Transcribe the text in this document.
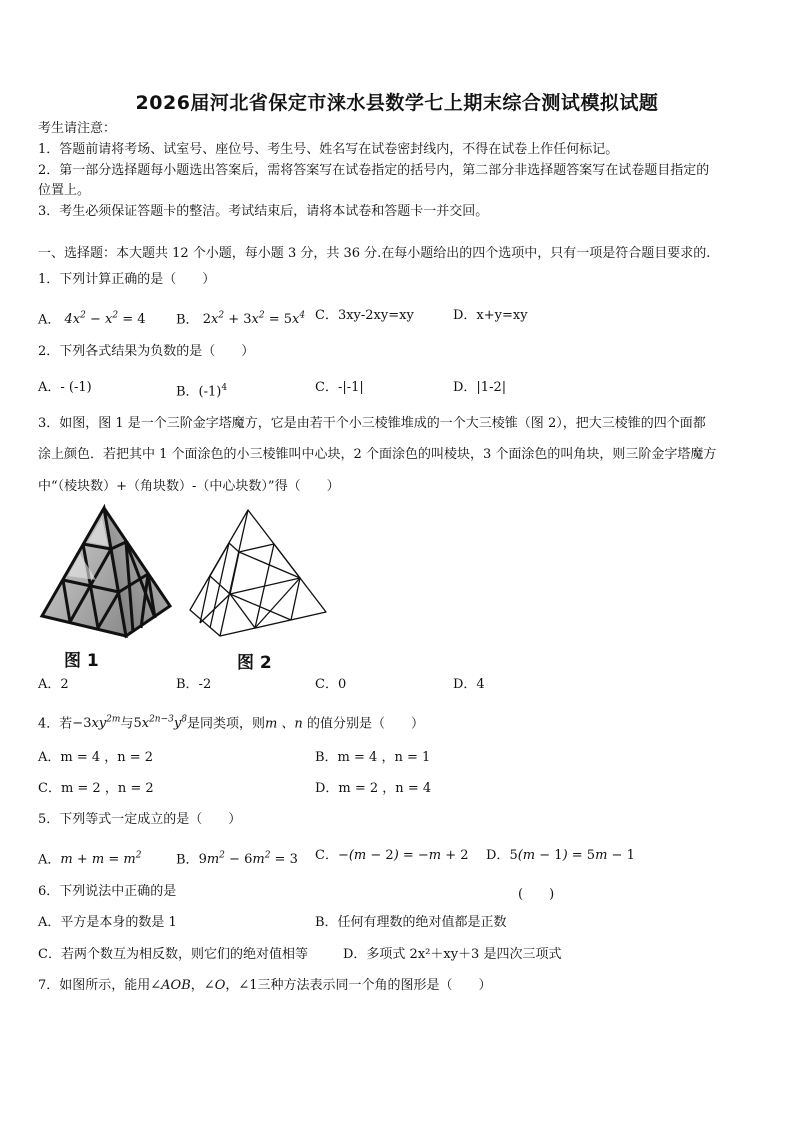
2026届河北省保定市涞水县数学七上期末综合测试模拟试题
考生请注意：
1．答题前请将考场、试室号、座位号、考生号、姓名写在试卷密封线内，不得在试卷上作任何标记。
2．第一部分选择题每小题选出答案后，需将答案写在试卷指定的括号内，第二部分非选择题答案写在试卷题目指定的
位置上。
3．考生必须保证答题卡的整洁。考试结束后，请将本试卷和答题卡一并交回。
一、选择题：本大题共 12 个小题，每小题 3 分，共 36 分.在每小题给出的四个选项中，只有一项是符合题目要求的.
1．下列计算正确的是（　　）
A． $4x^2 - x^2 = 4$ B． $2x^2 + 3x^2 = 5x^4$ C．3xy-2xy=xy	D．x+y=xy
2．下列各式结果为负数的是（　　）
A．- (-1)	B．$(-1)^4$	C．-|-1|	D．|1-2|
3．如图，图 1 是一个三阶金字塔魔方，它是由若干个小三棱锥堆成的一个大三棱锥（图 2），把大三棱锥的四个面都
涂上颜色．若把其中 1 个面涂色的小三棱锥叫中心块，2 个面涂色的叫棱块，3 个面涂色的叫角块，则三阶金字塔魔方
中“（棱块数）+（角块数）-（中心块数）”得（　　）
图 1	图 2
A．2	B．-2	C．0	D．4
4．若$-3xy^{2m}$与$5x^{2n-3}y^8$是同类项，则m 、n 的值分别是（　　）
A．m = 4 ，n = 2	B．m = 4 ，n = 1
C．m = 2 ，n = 2	D．m = 2 ，n = 4
5．下列等式一定成立的是（　　）
A．$m + m = m^2$	B．$9m^2 - 6m^2 = 3$ C．−(m − 2) = −m + 2 D．5(m − 1) = 5m − 1
6．下列说法中正确的是	(　　)
A．平方是本身的数是 1	B．任何有理数的绝对值都是正数
C．若两个数互为相反数，则它们的绝对值相等	D．多项式 2x²＋xy＋3 是四次三项式
7．如图所示，能用∠AOB，∠O，∠1三种方法表示同一个角的图形是（　　）
